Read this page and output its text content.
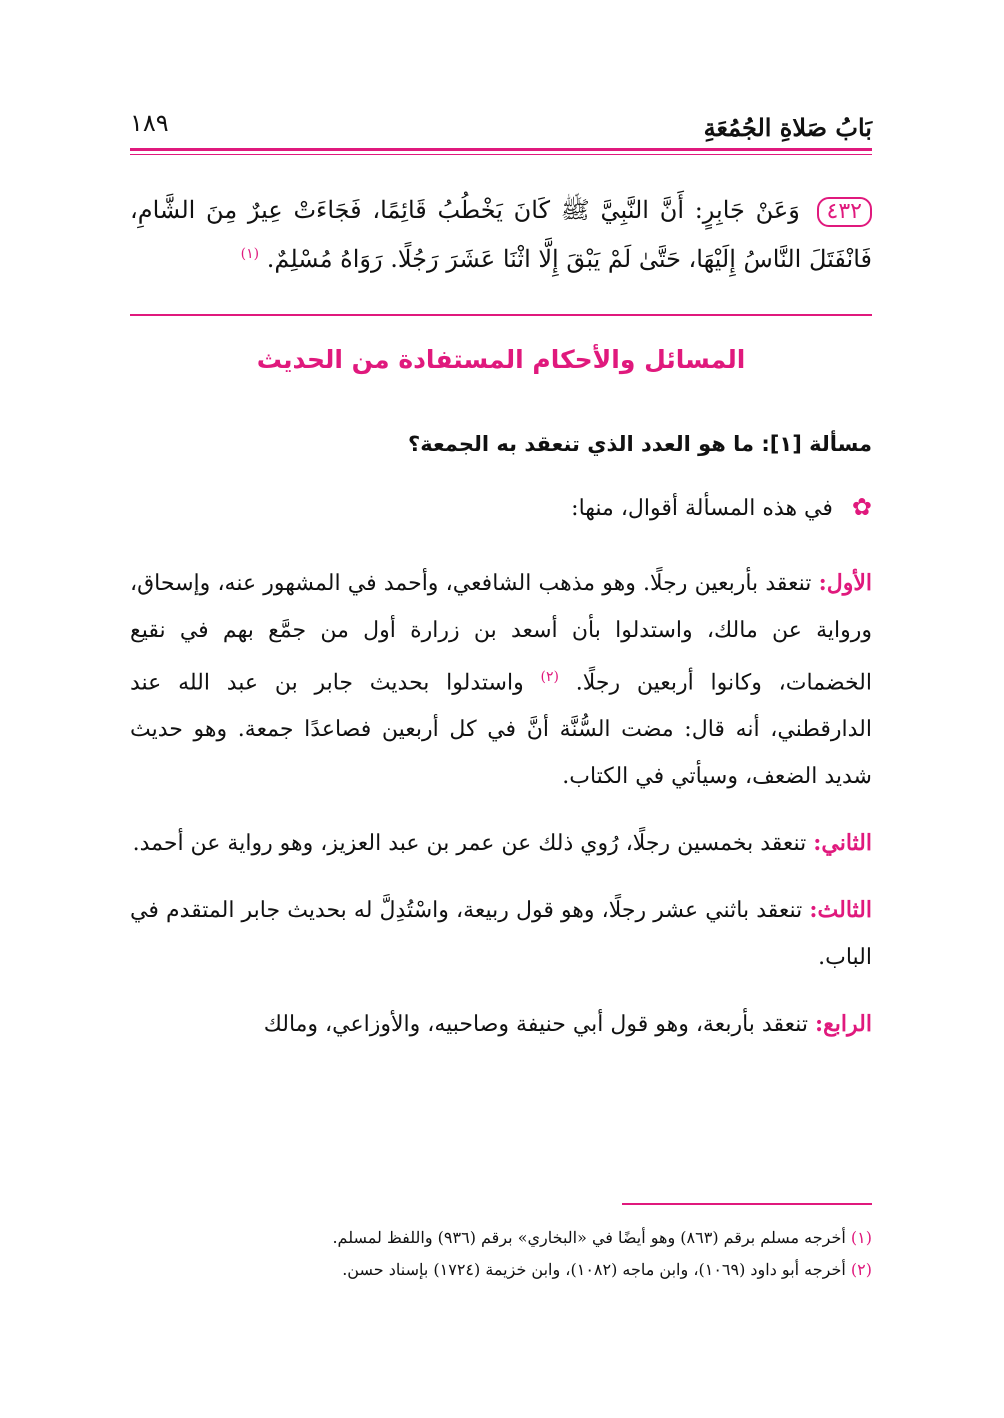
بَابُ صَلاةِ الجُمُعَةِ
١٨٩
٤٣٢ وَعَنْ جَابِرٍ: أَنَّ النَّبِيَّ ﷺ كَانَ يَخْطُبُ قَائِمًا، فَجَاءَتْ عِيرٌ مِنَ الشَّامِ، فَانْفَتَلَ النَّاسُ إِلَيْهَا، حَتَّىٰ لَمْ يَبْقَ إِلَّا اثْنَا عَشَرَ رَجُلًا. رَوَاهُ مُسْلِمٌ. $^{(١)}$
المسائل والأحكام المستفادة من الحديث
مسألة [١]: ما هو العدد الذي تنعقد به الجمعة؟
✿ في هذه المسألة أقوال، منها:

الأول: تنعقد بأربعين رجلًا. وهو مذهب الشافعي، وأحمد في المشهور عنه، وإسحاق، ورواية عن مالك، واستدلوا بأن أسعد بن زرارة أول من جمَّع بهم في نقيع الخضمات، وكانوا أربعين رجلًا. $^{(٢)}$ واستدلوا بحديث جابر بن عبد الله عند الدارقطني، أنه قال: مضت السُّنَّة أنَّ في كل أربعين فصاعدًا جمعة. وهو حديث شديد الضعف، وسيأتي في الكتاب.

الثاني: تنعقد بخمسين رجلًا، رُوي ذلك عن عمر بن عبد العزيز، وهو رواية عن أحمد.

الثالث: تنعقد باثني عشر رجلًا، وهو قول ربيعة، واسْتُدِلَّ له بحديث جابر المتقدم في الباب.

الرابع: تنعقد بأربعة، وهو قول أبي حنيفة وصاحبيه، والأوزاعي، ومالك

(١) أخرجه مسلم برقم (٨٦٣) وهو أيضًا في «البخاري» برقم (٩٣٦) واللفظ لمسلم.
(٢) أخرجه أبو داود (١٠٦٩)، وابن ماجه (١٠٨٢)، وابن خزيمة (١٧٢٤) بإسناد حسن.
